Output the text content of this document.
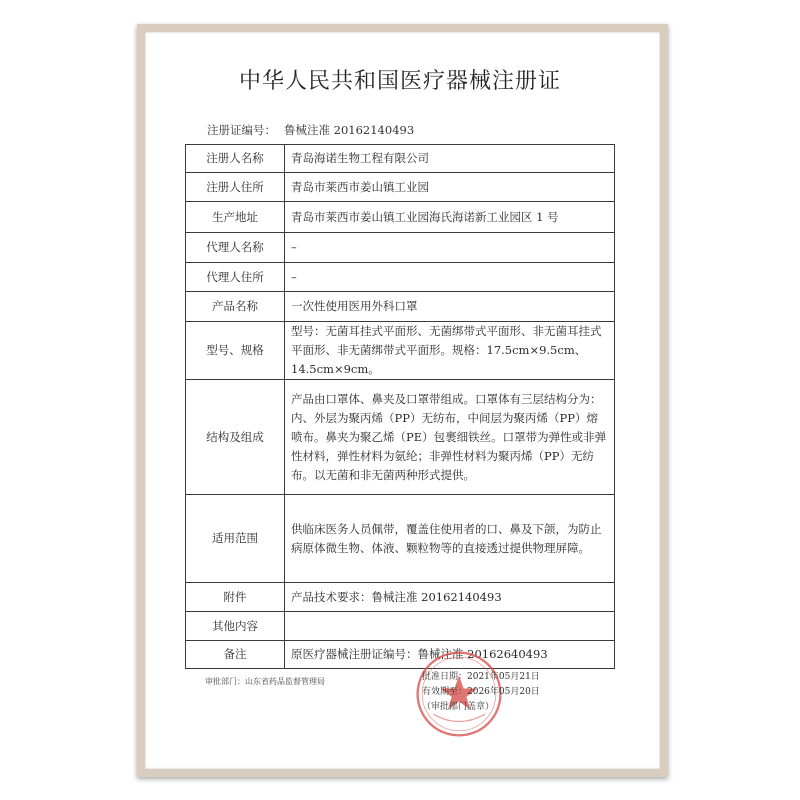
中华人民共和国医疗器械注册证
注册证编号： 鲁械注准 20162140493
注册人名称	青岛海诺生物工程有限公司
注册人住所	青岛市莱西市姜山镇工业园
生产地址	青岛市莱西市姜山镇工业园海氏海诺新工业园区 1 号
代理人名称	–
代理人住所	–
产品名称	一次性使用医用外科口罩
型号、规格	型号：无菌耳挂式平面形、无菌绑带式平面形、非无菌耳挂式平面形、非无菌绑带式平面形。规格：17.5cm×9.5cm、14.5cm×9cm。
结构及组成	产品由口罩体、鼻夹及口罩带组成。口罩体有三层结构分为：内、外层为聚丙烯（PP）无纺布，中间层为聚丙烯（PP）熔喷布。鼻夹为聚乙烯（PE）包裹细铁丝。口罩带为弹性或非弹性材料，弹性材料为氨纶；非弹性材料为聚丙烯（PP）无纺布。以无菌和非无菌两种形式提供。
适用范围	供临床医务人员佩带，覆盖住使用者的口、鼻及下颌，为防止病原体微生物、体液、颗粒物等的直接透过提供物理屏障。
附件	产品技术要求：鲁械注准 20162140493
其他内容	
备注	原医疗器械注册证编号：鲁械注准 20162640493
审批部门：山东省药品监督管理局	批准日期：2021年05月21日
有效期至：2026年05月20日
（审批部门盖章）
